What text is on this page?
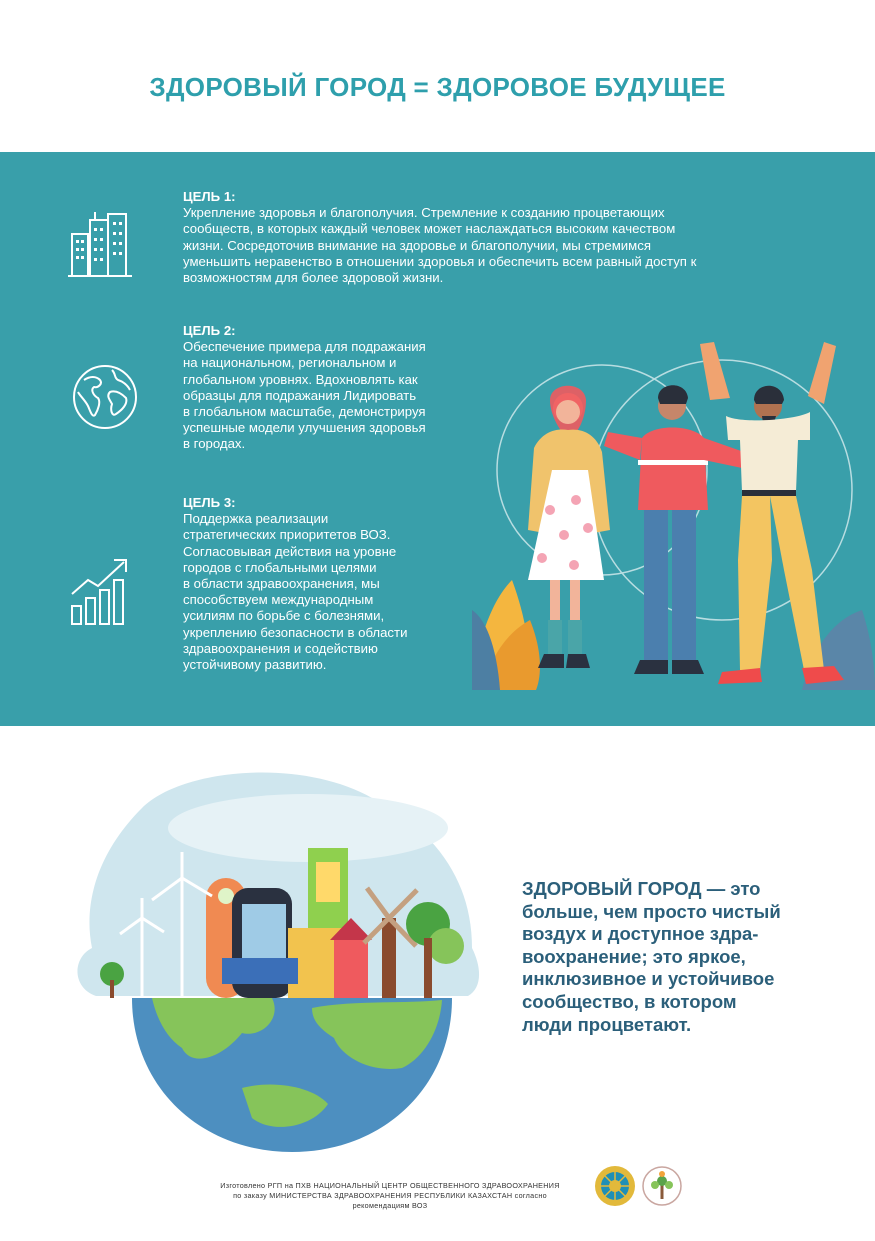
ЗДОРОВЫЙ ГОРОД = ЗДОРОВОЕ БУДУЩЕЕ
ЦЕЛЬ 1:
Укрепление здоровья и благополучия. Стремление к созданию процветающих
сообществ, в которых каждый человек может наслаждаться высоким качеством
жизни. Сосредоточив внимание на здоровье и благополучии, мы стремимся
уменьшить неравенство в отношении здоровья и обеспечить всем равный доступ к
возможностям для более здоровой жизни.
ЦЕЛЬ 2:
Обеспечение примера для подражания
на национальном, региональном и
глобальном уровнях. Вдохновлять как
образцы для подражания Лидировать
в глобальном масштабе, демонстрируя
успешные модели улучшения здоровья
в городах.
ЦЕЛЬ 3:
Поддержка реализации
стратегических приоритетов ВОЗ.
Согласовывая действия на уровне
городов с глобальными целями
в области здравоохранения, мы
способствуем международным
усилиям по борьбе с болезнями,
укреплению безопасности в области
здравоохранения и содействию
устойчивому развитию.
ЗДОРОВЫЙ ГОРОД — это
больше, чем просто чистый
воздух и доступное здра-
воохранение; это яркое,
инклюзивное и устойчивое
сообщество, в котором
люди процветают.
Изготовлено РГП на ПХВ НАЦИОНАЛЬНЫЙ ЦЕНТР ОБЩЕСТВЕННОГО ЗДРАВООХРАНЕНИЯ
по заказу МИНИСТЕРСТВА ЗДРАВООХРАНЕНИЯ РЕСПУБЛИКИ КАЗАХСТАН согласно
рекомендациям ВОЗ
